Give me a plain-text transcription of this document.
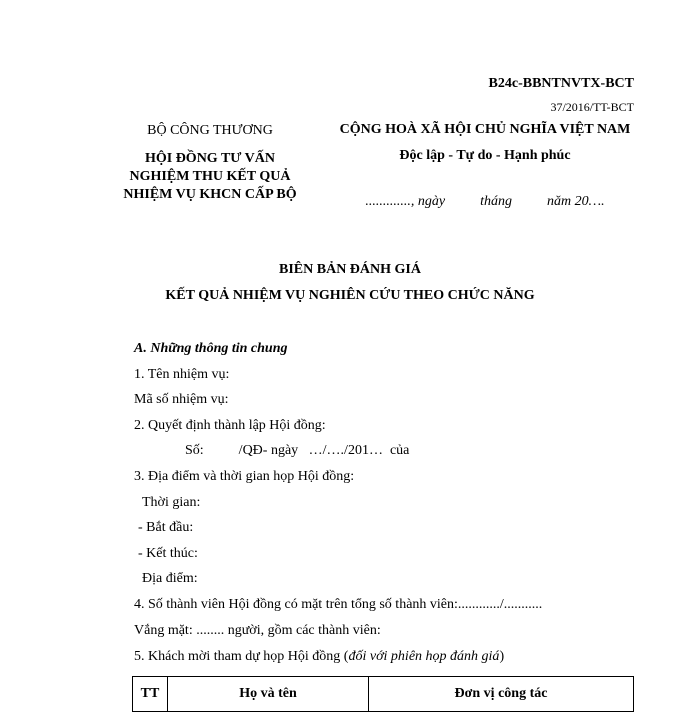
B24c-BBNTNVTX-BCT
37/2016/TT-BCT
BỘ CÔNG THƯƠNG
HỘI ĐỒNG TƯ VẤN
NGHIỆM THU KẾT QUẢ
NHIỆM VỤ KHCN CẤP BỘ
CỘNG HOÀ XÃ HỘI CHỦ NGHĨA VIỆT NAM
Độc lập - Tự do - Hạnh phúc
............., ngày          tháng          năm 20….
BIÊN BẢN ĐÁNH GIÁ
KẾT QUẢ NHIỆM VỤ NGHIÊN CỨU THEO CHỨC NĂNG
A. Những thông tin chung
1. Tên nhiệm vụ:
Mã số nhiệm vụ:
2. Quyết định thành lập Hội đồng:
Số:          /QĐ- ngày   …/…./201…  của
3. Địa điểm và thời gian họp Hội đồng:
Thời gian:
- Bắt đầu:
- Kết thúc:
Địa điểm:
4. Số thành viên Hội đồng có mặt trên tổng số thành viên:............/...........
Vắng mặt: ........ người, gồm các thành viên:
5. Khách mời tham dự họp Hội đồng (đối với phiên họp đánh giá)
TT	Họ và tên	Đơn vị công tác
